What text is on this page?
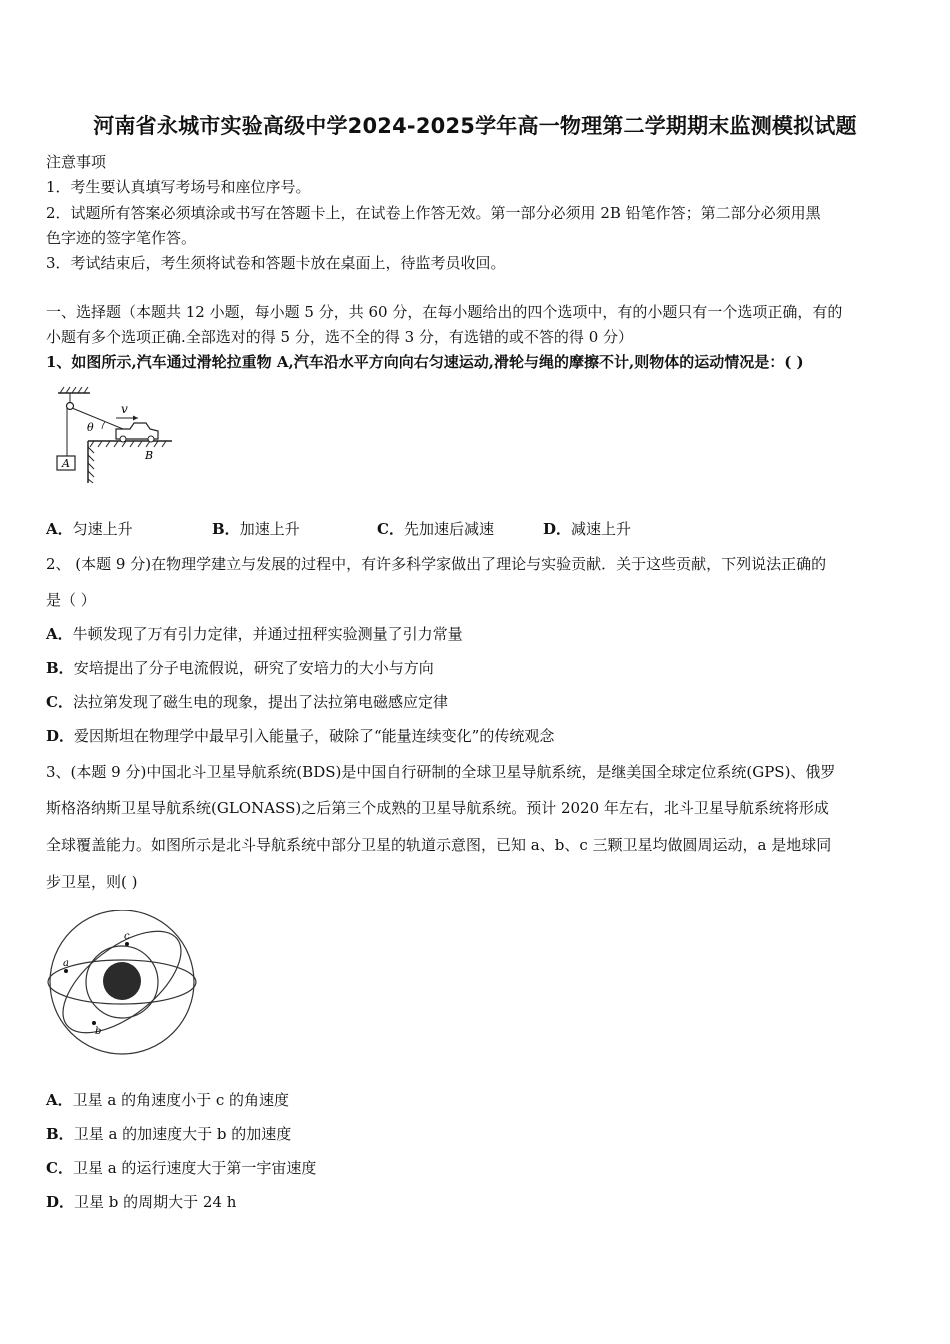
河南省永城市实验高级中学2024-2025学年高一物理第二学期期末监测模拟试题
注意事项
1．考生要认真填写考场号和座位序号。
2．试题所有答案必须填涂或书写在答题卡上，在试卷上作答无效。第一部分必须用 2B 铅笔作答；第二部分必须用黑
色字迹的签字笔作答。
3．考试结束后，考生须将试卷和答题卡放在桌面上，待监考员收回。
一、选择题（本题共 12 小题，每小题 5 分，共 60 分，在每小题给出的四个选项中，有的小题只有一个选项正确，有的
小题有多个选项正确.全部选对的得 5 分，选不全的得 3 分，有选错的或不答的得 0 分）
1、如图所示,汽车通过滑轮拉重物 A,汽车沿水平方向向右匀速运动,滑轮与绳的摩擦不计,则物体的运动情况是：( )
A
v
θ
B
A．匀速上升	B．加速上升	C．先加速后减速	D．减速上升
2、 (本题 9 分)在物理学建立与发展的过程中，有许多科学家做出了理论与实验贡献．关于这些贡献，下列说法正确的
是（ ）
A．牛顿发现了万有引力定律，并通过扭秤实验测量了引力常量
B．安培提出了分子电流假说，研究了安培力的大小与方向
C．法拉第发现了磁生电的现象，提出了法拉第电磁感应定律
D．爱因斯坦在物理学中最早引入能量子，破除了“能量连续变化”的传统观念
3、(本题 9 分)中国北斗卫星导航系统(BDS)是中国自行研制的全球卫星导航系统，是继美国全球定位系统(GPS)、俄罗
斯格洛纳斯卫星导航系统(GLONASS)之后第三个成熟的卫星导航系统。预计 2020 年左右，北斗卫星导航系统将形成
全球覆盖能力。如图所示是北斗导航系统中部分卫星的轨道示意图，已知 a、b、c 三颗卫星均做圆周运动，a 是地球同
步卫星，则( )
a
c
b
A．卫星 a 的角速度小于 c 的角速度
B．卫星 a 的加速度大于 b 的加速度
C．卫星 a 的运行速度大于第一宇宙速度
D．卫星 b 的周期大于 24 h
